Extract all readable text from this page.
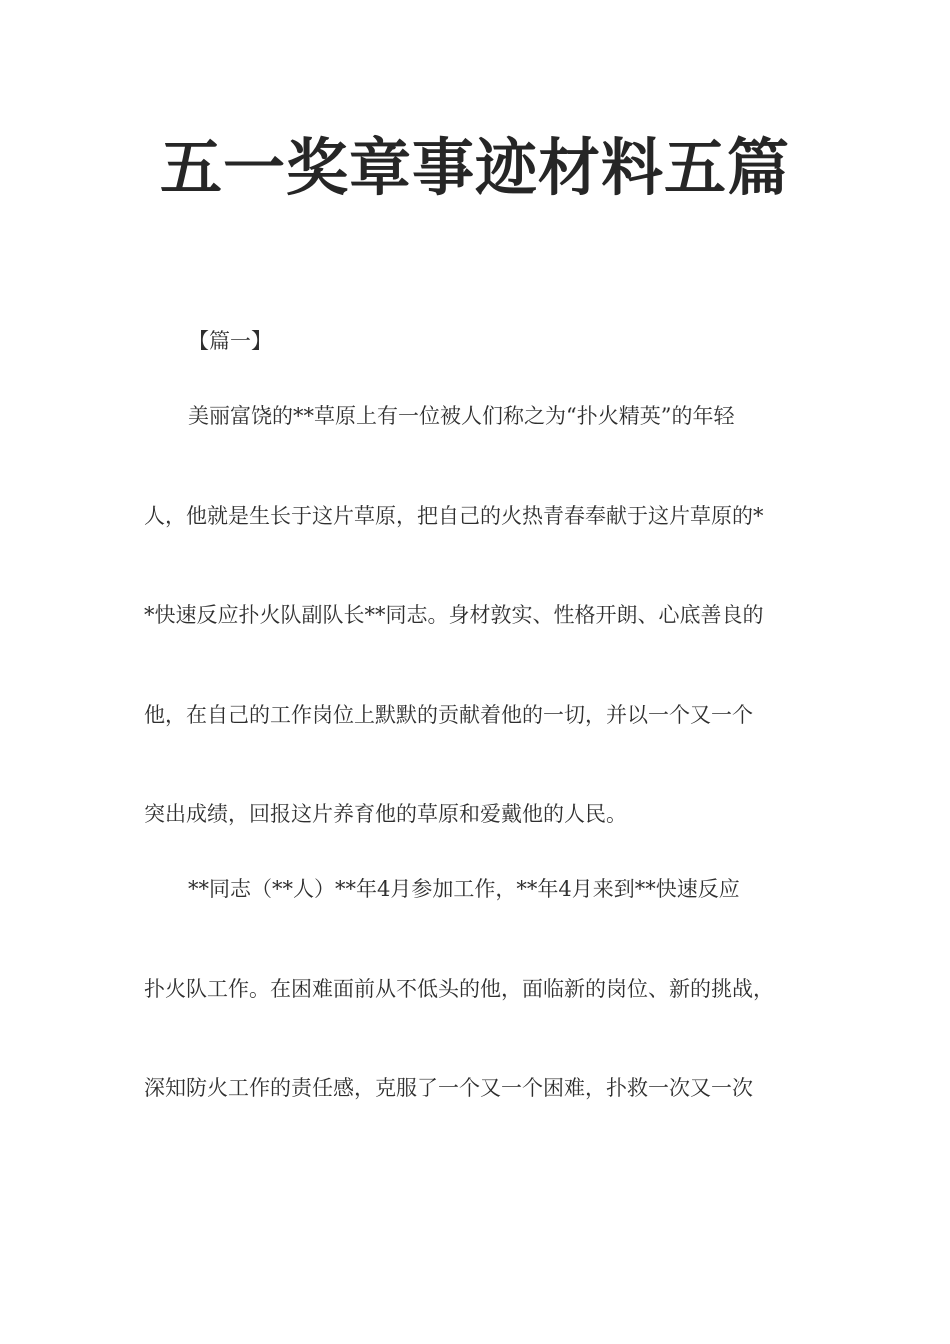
五一奖章事迹材料五篇

【篇一】

美丽富饶的**草原上有一位被人们称之为“扑火精英”的年轻

人，他就是生长于这片草原，把自己的火热青春奉献于这片草原的*

*快速反应扑火队副队长**同志。身材敦实、性格开朗、心底善良的

他，在自己的工作岗位上默默的贡献着他的一切，并以一个又一个

突出成绩，回报这片养育他的草原和爱戴他的人民。

**同志（**人）**年4月参加工作，**年4月来到**快速反应

扑火队工作。在困难面前从不低头的他，面临新的岗位、新的挑战，

深知防火工作的责任感，克服了一个又一个困难，扑救一次又一次
